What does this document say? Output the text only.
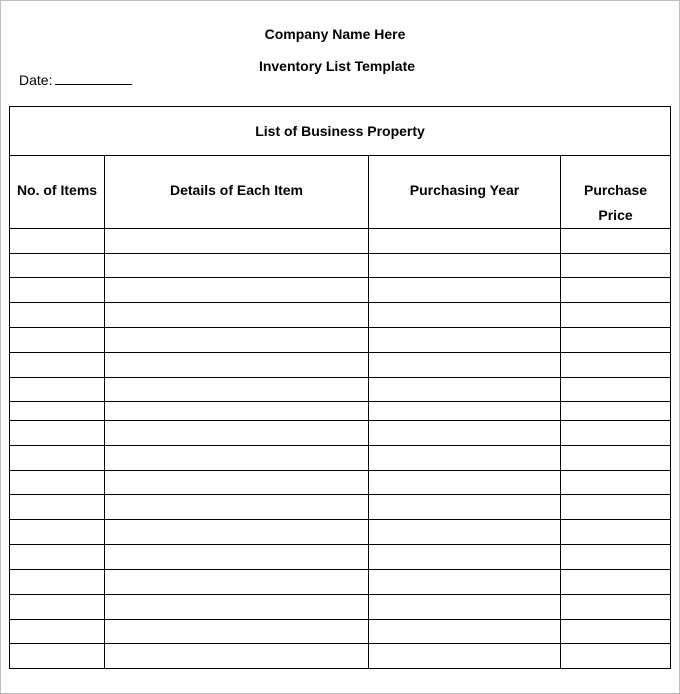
Company Name Here
Inventory List Template
Date:
List of Business Property			
No. of Items	Details of Each Item	Purchasing Year	Purchase
Price
